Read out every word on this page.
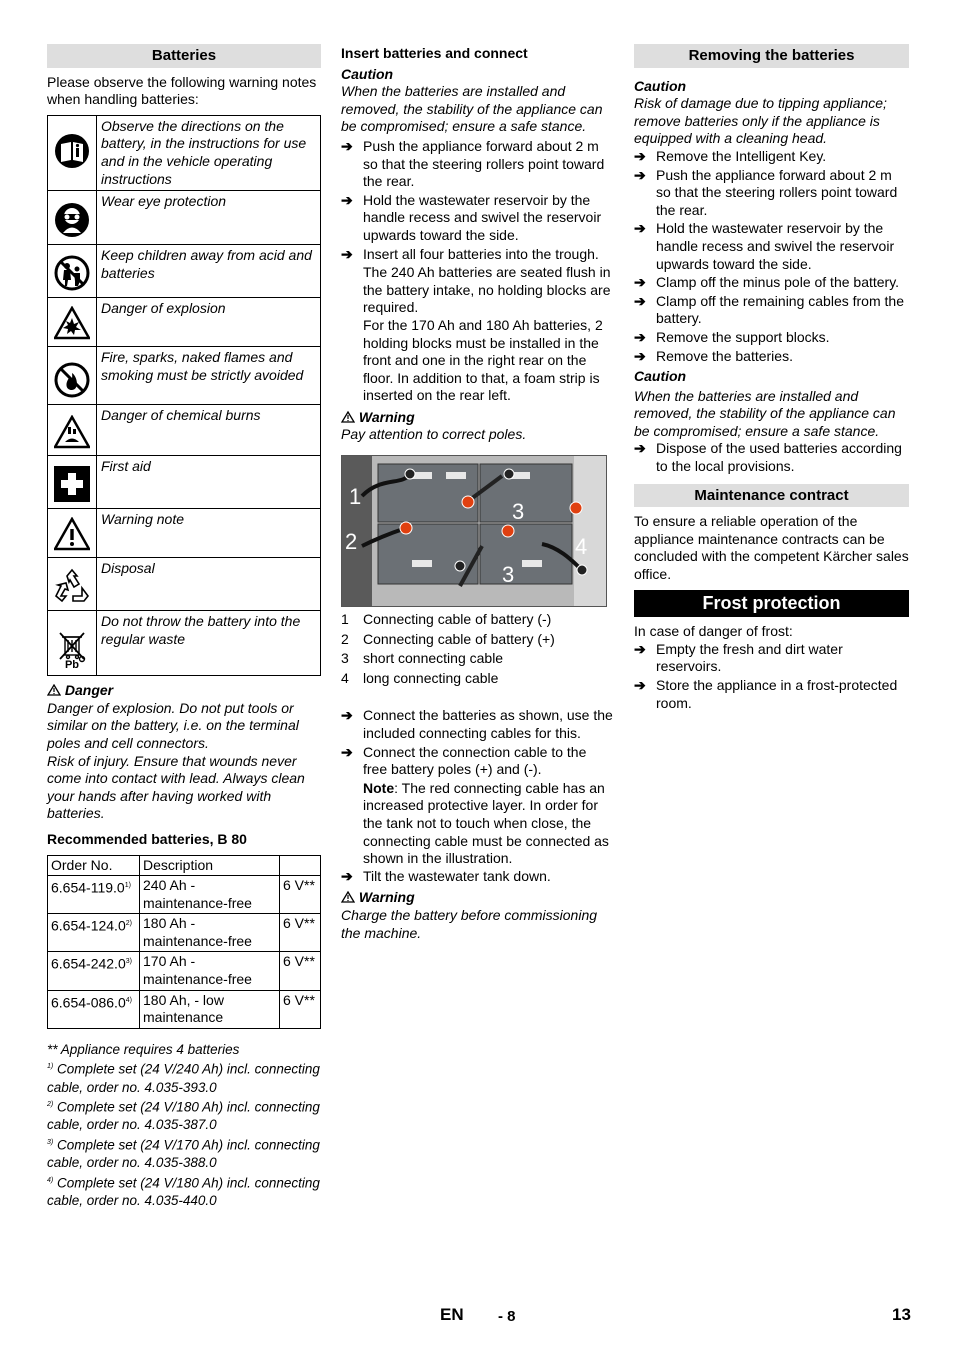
Batteries

Please observe the following warning notes when handling batteries:

	Observe the directions on the battery, in the instructions for use and in the vehicle operating instructions
	Wear eye protection
	Keep children away from acid and batteries
	Danger of explosion
	Fire, sparks, naked flames and smoking must be strictly avoided
	Danger of chemical burns
	First aid
	Warning note
	Disposal

Pb	Do not throw the battery into the regular waste
Danger
Danger of explosion. Do not put tools or similar on the battery, i.e. on the terminal poles and cell connectors.
Risk of injury. Ensure that wounds never come into contact with lead. Always clean your hands after having worked with batteries.
Recommended batteries, B 80
Order No.	Description	
6.654-119.0$^{1)}$	240 Ah - maintenance-free	6 V**
6.654-124.0$^{2)}$	180 Ah - maintenance-free	6 V**
6.654-242.0$^{3)}$	170 Ah - maintenance-free	6 V**
6.654-086.0$^{4)}$	180 Ah, - low maintenance	6 V**
** Appliance requires 4 batteries
$^{1)}$ Complete set (24 V/240 Ah) incl. connecting cable, order no. 4.035-393.0
$^{2)}$ Complete set (24 V/180 Ah) incl. connecting cable, order no. 4.035-387.0
$^{3)}$ Complete set (24 V/170 Ah) incl. connecting cable, order no. 4.035-388.0
$^{4)}$ Complete set (24 V/180 Ah) incl. connecting cable, order no. 4.035-440.0
Insert batteries and connect
Caution
When the batteries are installed and removed, the stability of the appliance can be compromised; ensure a safe stance.
➔ Push the appliance forward about 2 m so that the steering rollers point toward the rear.
➔ Hold the wastewater reservoir by the handle recess and swivel the reservoir upwards toward the side.
➔ Insert all four batteries into the trough.
The 240 Ah batteries are seated flush in the battery intake, no holding blocks are required.
For the 170 Ah and 180 Ah batteries, 2 holding blocks must be installed in the front and one in the right rear on the floor. In addition to that, a foam strip is inserted on the rear left.
Warning
Pay attention to correct poles.
1
2
3
3
4
1	Connecting cable of battery (-)
2	Connecting cable of battery (+)
3	short connecting cable
4	long connecting cable
➔ Connect the batteries as shown, use the included connecting cables for this.
➔ Connect the connection cable to the free battery poles (+) and (-).
Note: The red connecting cable has an increased protective layer. In order for the tank not to touch when close, the connecting cable must be connected as shown in the illustration.
➔ Tilt the wastewater tank down.
Warning
Charge the battery before commissioning the machine.
Removing the batteries
Caution
Risk of damage due to tipping appliance; remove batteries only if the appliance is equipped with a cleaning head.
➔ Remove the Intelligent Key.
➔ Push the appliance forward about 2 m so that the steering rollers point toward the rear.
➔ Hold the wastewater reservoir by the handle recess and swivel the reservoir upwards toward the side.
➔ Clamp off the minus pole of the battery.
➔ Clamp off the remaining cables from the battery.
➔ Remove the support blocks.
➔ Remove the batteries.
Caution
When the batteries are installed and removed, the stability of the appliance can be compromised; ensure a safe stance.
➔ Dispose of the used batteries according to the local provisions.
Maintenance contract
To ensure a reliable operation of the appliance maintenance contracts can be concluded with the competent Kärcher sales office.
Frost protection
In case of danger of frost:
➔ Empty the fresh and dirt water reservoirs.
➔ Store the appliance in a frost-protected room.
EN - 8	13
